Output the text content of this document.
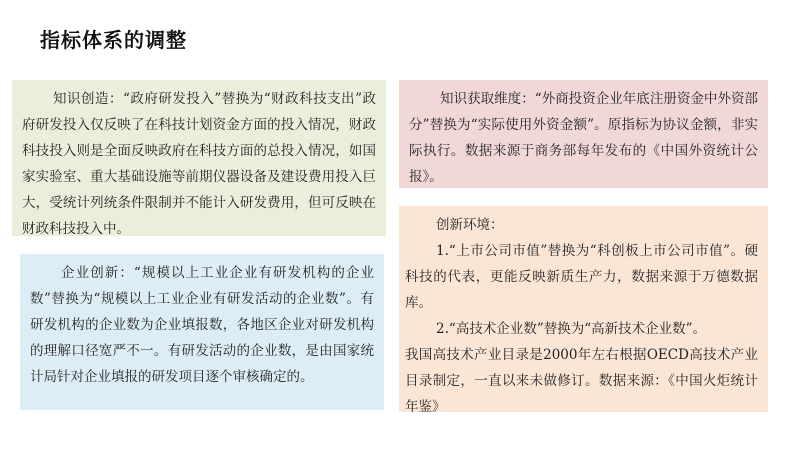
指标体系的调整

知识创造：“政府研发投入”替换为“财政科技支出”政府研发投入仅反映了在科技计划资金方面的投入情况，财政科技投入则是全面反映政府在科技方面的总投入情况，如国家实验室、重大基础设施等前期仪器设备及建设费用投入巨大，受统计列统条件限制并不能计入研发费用，但可反映在财政科技投入中。

企业创新：“规模以上工业企业有研发机构的企业数”替换为“规模以上工业企业有研发活动的企业数”。有研发机构的企业数为企业填报数，各地区企业对研发机构的理解口径宽严不一。有研发活动的企业数，是由国家统计局针对企业填报的研发项目逐个审核确定的。

知识获取维度：“外商投资企业年底注册资金中外资部分”替换为“实际使用外资金额”。原指标为协议金额，非实际执行。数据来源于商务部每年发布的《中国外资统计公报》。

创新环境：

1.“上市公司市值”替换为“科创板上市公司市值”。硬科技的代表，更能反映新质生产力，数据来源于万德数据库。

2.“高技术企业数”替换为“高新技术企业数”。

我国高技术产业目录是2000年左右根据OECD高技术产业目录制定，一直以来未做修订。数据来源：《中国火炬统计年鉴》
